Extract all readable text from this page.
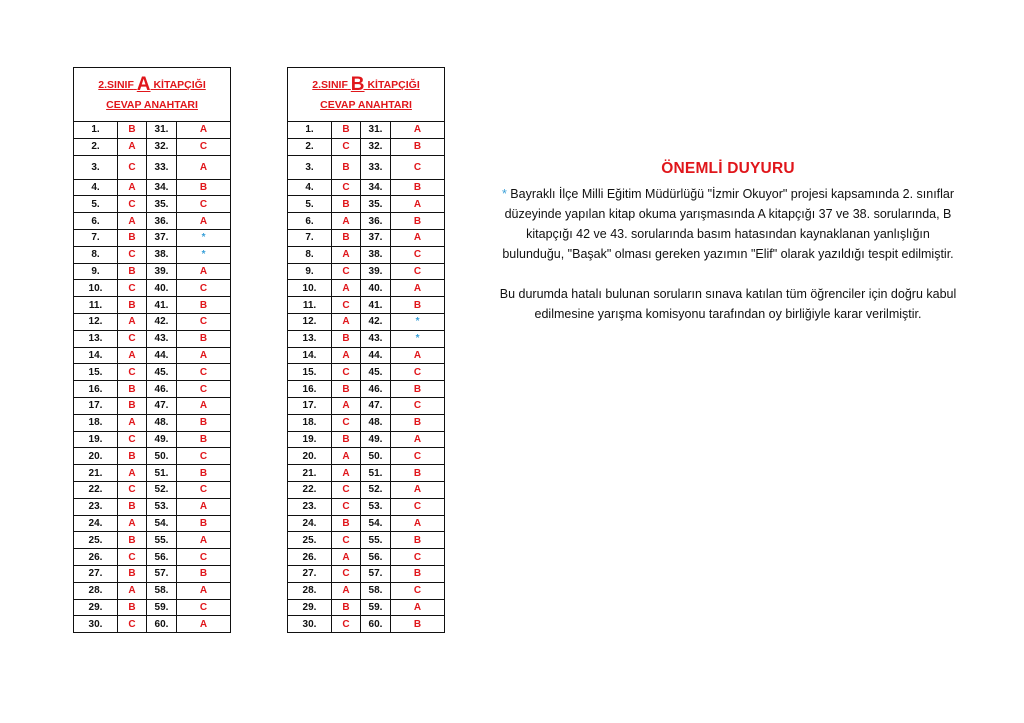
2.SINIF A KİTAPÇIĞI
CEVAP ANAHTARI			

1.	B	31.	A
2.	A	32.	C
3.	C	33.	A
4.	A	34.	B
5.	C	35.	C
6.	A	36.	A
7.	B	37.	*
8.	C	38.	*
9.	B	39.	A
10.	C	40.	C
11.	B	41.	B
12.	A	42.	C
13.	C	43.	B
14.	A	44.	A
15.	C	45.	C
16.	B	46.	C
17.	B	47.	A
18.	A	48.	B
19.	C	49.	B
20.	B	50.	C
21.	A	51.	B
22.	C	52.	C
23.	B	53.	A
24.	A	54.	B
25.	B	55.	A
26.	C	56.	C
27.	B	57.	B
28.	A	58.	A
29.	B	59.	C
30.	C	60.	A
2.SINIF B KİTAPÇIĞI
CEVAP ANAHTARI			

1.	B	31.	A
2.	C	32.	B
3.	B	33.	C
4.	C	34.	B
5.	B	35.	A
6.	A	36.	B
7.	B	37.	A
8.	A	38.	C
9.	C	39.	C
10.	A	40.	A
11.	C	41.	B
12.	A	42.	*
13.	B	43.	*
14.	A	44.	A
15.	C	45.	C
16.	B	46.	B
17.	A	47.	C
18.	C	48.	B
19.	B	49.	A
20.	A	50.	C
21.	A	51.	B
22.	C	52.	A
23.	C	53.	C
24.	B	54.	A
25.	C	55.	B
26.	A	56.	C
27.	C	57.	B
28.	A	58.	C
29.	B	59.	A
30.	C	60.	B
ÖNEMLİ DUYURU

* Bayraklı İlçe Milli Eğitim Müdürlüğü "İzmir Okuyor" projesi kapsamında 2. sınıflar düzeyinde yapılan kitap okuma yarışmasında A kitapçığı 37 ve 38. sorularında, B kitapçığı 42 ve 43. sorularında basım hatasından kaynaklanan yanlışlığın bulunduğu, "Başak" olması gereken yazımın "Elif" olarak yazıldığı tespit edilmiştir.

Bu durumda hatalı bulunan soruların sınava katılan tüm öğrenciler için doğru kabul edilmesine yarışma komisyonu tarafından oy birliğiyle karar verilmiştir.
